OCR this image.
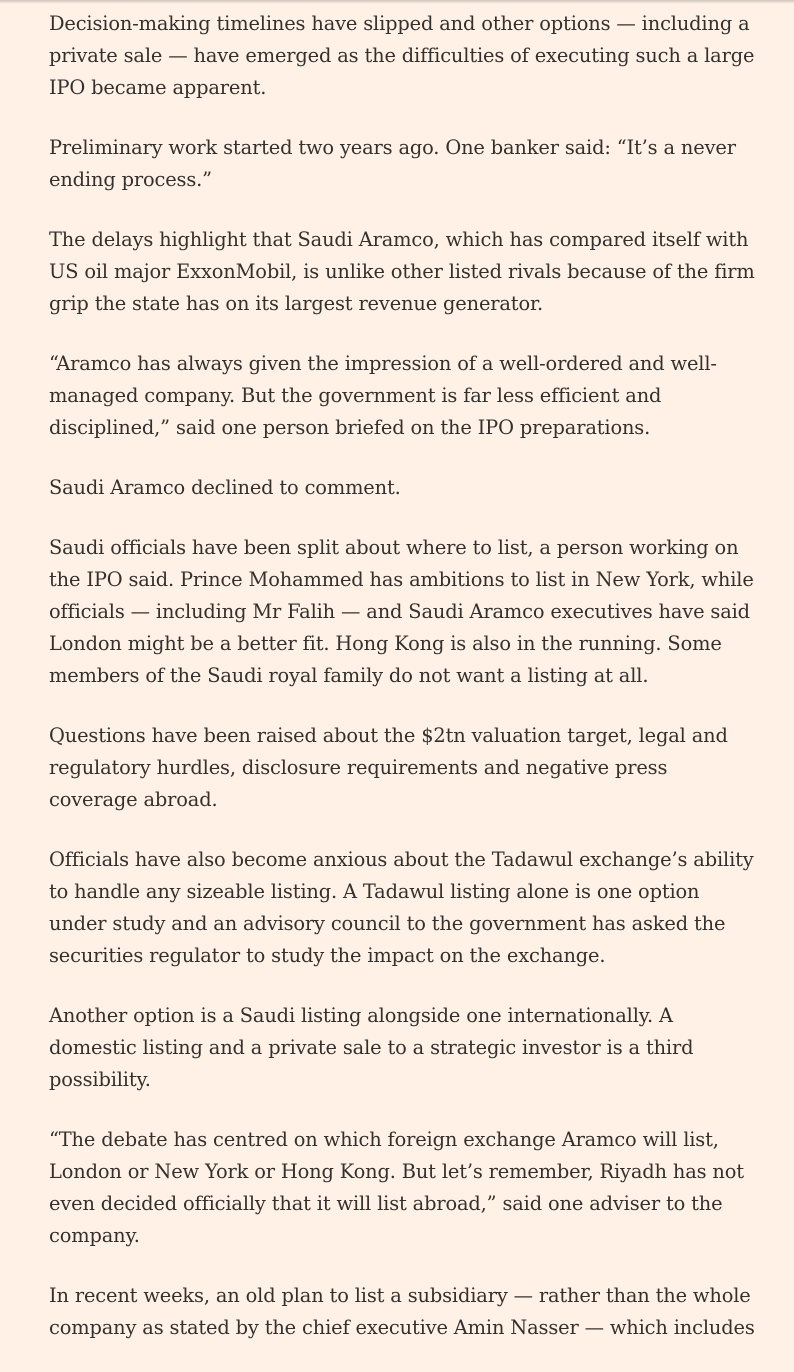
Decision-making timelines have slipped and other options — including a private sale — have emerged as the difficulties of executing such a large IPO became apparent.

Preliminary work started two years ago. One banker said: “It’s a never ending process.”

The delays highlight that Saudi Aramco, which has compared itself with US oil major ExxonMobil, is unlike other listed rivals because of the firm grip the state has on its largest revenue generator.

“Aramco has always given the impression of a well-ordered and well-managed company. But the government is far less efficient and disciplined,” said one person briefed on the IPO preparations.

Saudi Aramco declined to comment.

Saudi officials have been split about where to list, a person working on the IPO said. Prince Mohammed has ambitions to list in New York, while officials — including Mr Falih — and Saudi Aramco executives have said London might be a better fit. Hong Kong is also in the running. Some members of the Saudi royal family do not want a listing at all.

Questions have been raised about the $2tn valuation target, legal and regulatory hurdles, disclosure requirements and negative press coverage abroad.

Officials have also become anxious about the Tadawul exchange’s ability to handle any sizeable listing. A Tadawul listing alone is one option under study and an advisory council to the government has asked the securities regulator to study the impact on the exchange.

Another option is a Saudi listing alongside one internationally. A domestic listing and a private sale to a strategic investor is a third possibility.

“The debate has centred on which foreign exchange Aramco will list, London or New York or Hong Kong. But let’s remember, Riyadh has not even decided officially that it will list abroad,” said one adviser to the company.

In recent weeks, an old plan to list a subsidiary — rather than the whole company as stated by the chief executive Amin Nasser — which includes
